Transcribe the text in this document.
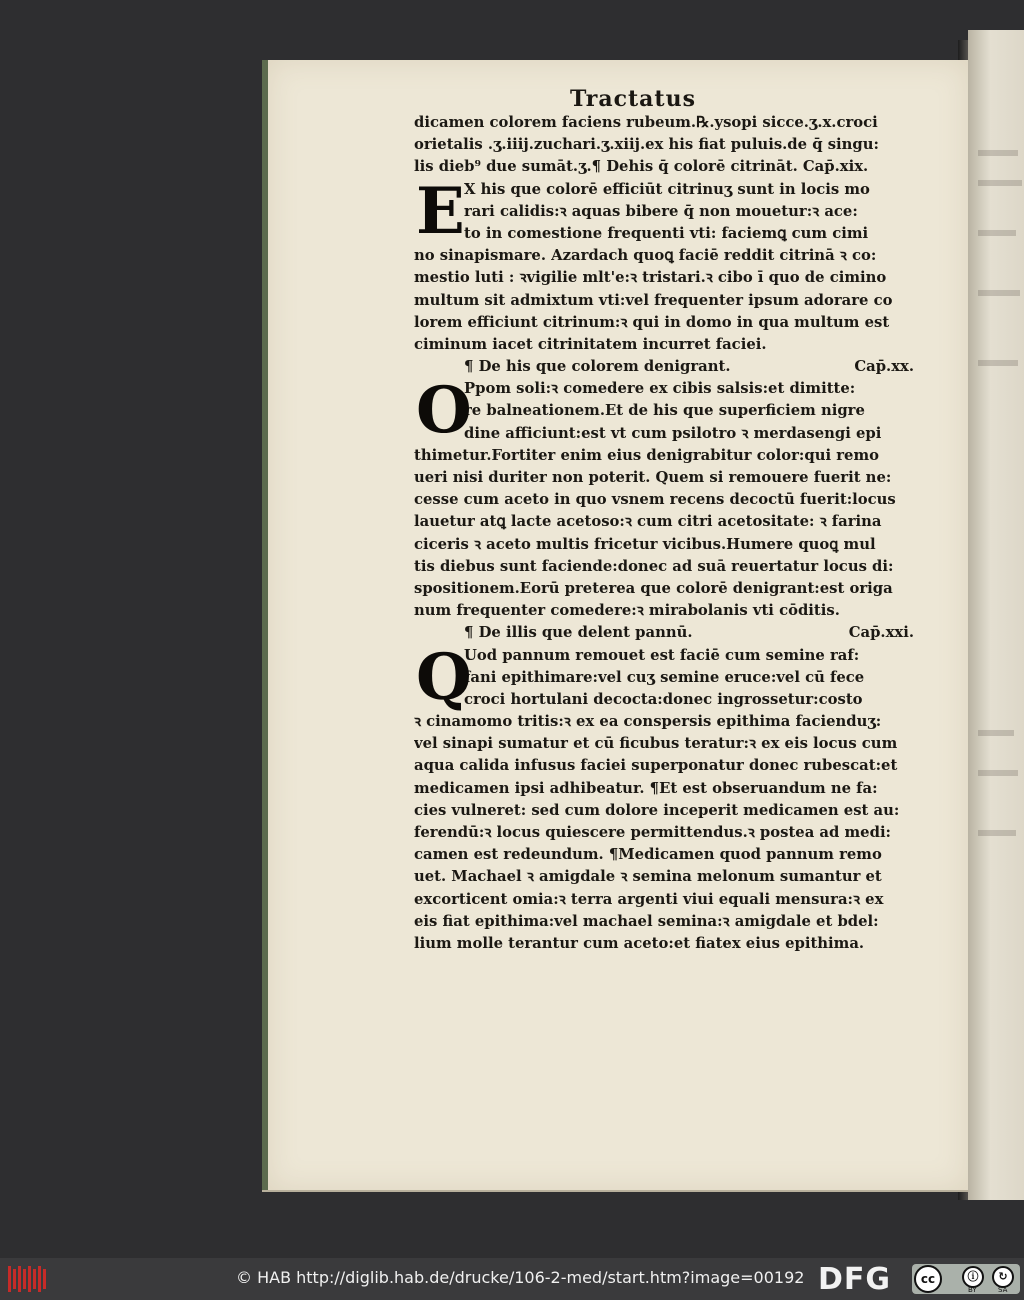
Tractatus
dicamen colorem faciens rubeum.℞.ysopi sicce.ʒ.x.croci
orietalis .ʒ.iiij.zuchari.ʒ.xiij.ex his fiat puluis.de q̄ singu:
lis dieb⁹ due sumāt.ʒ.¶ Dehis q̄ colorē citrināt. Cap̄.xix.
E X his que colorē efficiūt citrinuʒ sunt in locis mo
rari calidis:ꝛ aquas bibere q̄ non mouetur:ꝛ ace:
to in comestione frequenti vti: faciemꝗ cum cimi
no sinapismare. Azardach quoꝗ faciē reddit citrinā ꝛ co:
mestio luti : ꝛvigilie mlt'e:ꝛ tristari.ꝛ cibo ī quo de cimino
multum sit admixtum vti:vel frequenter ipsum adorare co
lorem efficiunt citrinum:ꝛ qui in domo in qua multum est
ciminum iacet citrinitatem incurret faciei.
¶ De his que colorem denigrant.	Cap̄.xx.
O
Ppom soli:ꝛ comedere ex cibis salsis:et dimitte:
re balneationem.Et de his que superficiem nigre
dine afficiunt:est vt cum psilotro ꝛ merdasengi epi
thimetur.Fortiter enim eius denigrabitur color:qui remo
ueri nisi duriter non poterit. Quem si remouere fuerit ne:
cesse cum aceto in quo vsnem recens decoctū fuerit:locus
lauetur atꝗ lacte acetoso:ꝛ cum citri acetositate: ꝛ farina
ciceris ꝛ aceto multis fricetur vicibus.Humere quoꝗ mul
tis diebus sunt faciende:donec ad suā reuertatur locus di:
spositionem.Eorū preterea que colorē denigrant:est origa
num frequenter comedere:ꝛ mirabolanis vti cōditis.
¶ De illis que delent pannū.	Cap̄.xxi.
Q
Uod pannum remouet est faciē cum semine raf:
fani epithimare:vel cuʒ semine eruce:vel cū fece
croci hortulani decocta:donec ingrossetur:costo
ꝛ cinamomo tritis:ꝛ ex ea conspersis epithima facienduʒ:
vel sinapi sumatur et cū ficubus teratur:ꝛ ex eis locus cum
aqua calida infusus faciei superponatur donec rubescat:et
medicamen ipsi adhibeatur. ¶Et est obseruandum ne fa:
cies vulneret: sed cum dolore inceperit medicamen est au:
ferendū:ꝛ locus quiescere permittendus.ꝛ postea ad medi:
camen est redeundum. ¶Medicamen quod pannum remo
uet. Machael ꝛ amigdale ꝛ semina melonum sumantur et
excorticent omia:ꝛ terra argenti viui equali mensura:ꝛ ex
eis fiat epithima:vel machael semina:ꝛ amigdale et bdel:
lium molle terantur cum aceto:et fiatex eius epithima.
© HAB http://diglib.hab.de/drucke/106-2-med/start.htm?image=00192 DFG	cc	ⓘ	↻
BY	SA
